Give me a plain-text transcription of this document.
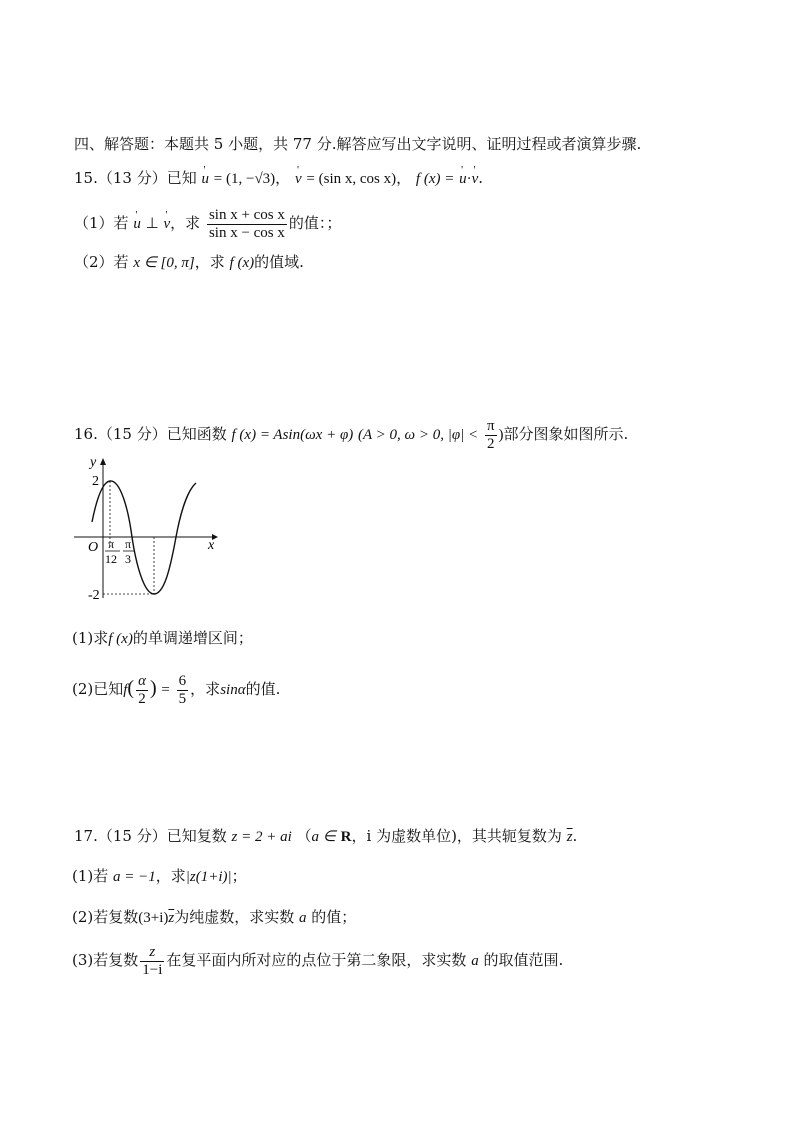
四、解答题：本题共 5 小题，共 77 分.解答应写出文字说明、证明过程或者演算步骤.
15.（13 分）已知 ' u = (1, −√3)， ' v = (sin x, cos x)， f (x) = ' u·' v.
（1）若 ' u ⊥ ' v，求 $\frac{\text{sin x + cos x}}{\text{sin x − cos x}}$ 的值：；
（2）若 x ∈ [0, π]，求 f (x)的值域.
16.（15 分）已知函数 f (x) = Asin(ωx + φ) (A > 0, ω > 0, $|\varphi| < \frac{\pi}{2}$ )部分图象如图所示.
y
x
O
2
-2
π
12
π
3
(1)求f (x)的单调递增区间；
(2)已知$f( \frac{\alpha}{2}$ ) = $\frac{6}{5}$ ，求sinα的值.
17.（15 分）已知复数 z = 2 + ai （a ∈ R，i 为虚数单位)，其共轭复数为 $\overline{z}$.
(1)若 a = −1，求|z(1+i)|；
(2)若复数$(3+i)\overline{z}$为纯虚数，求实数 a 的值；
(3)若复数 $\frac{z}{1-i}$ 在复平面内所对应的点位于第二象限，求实数 a 的取值范围.
